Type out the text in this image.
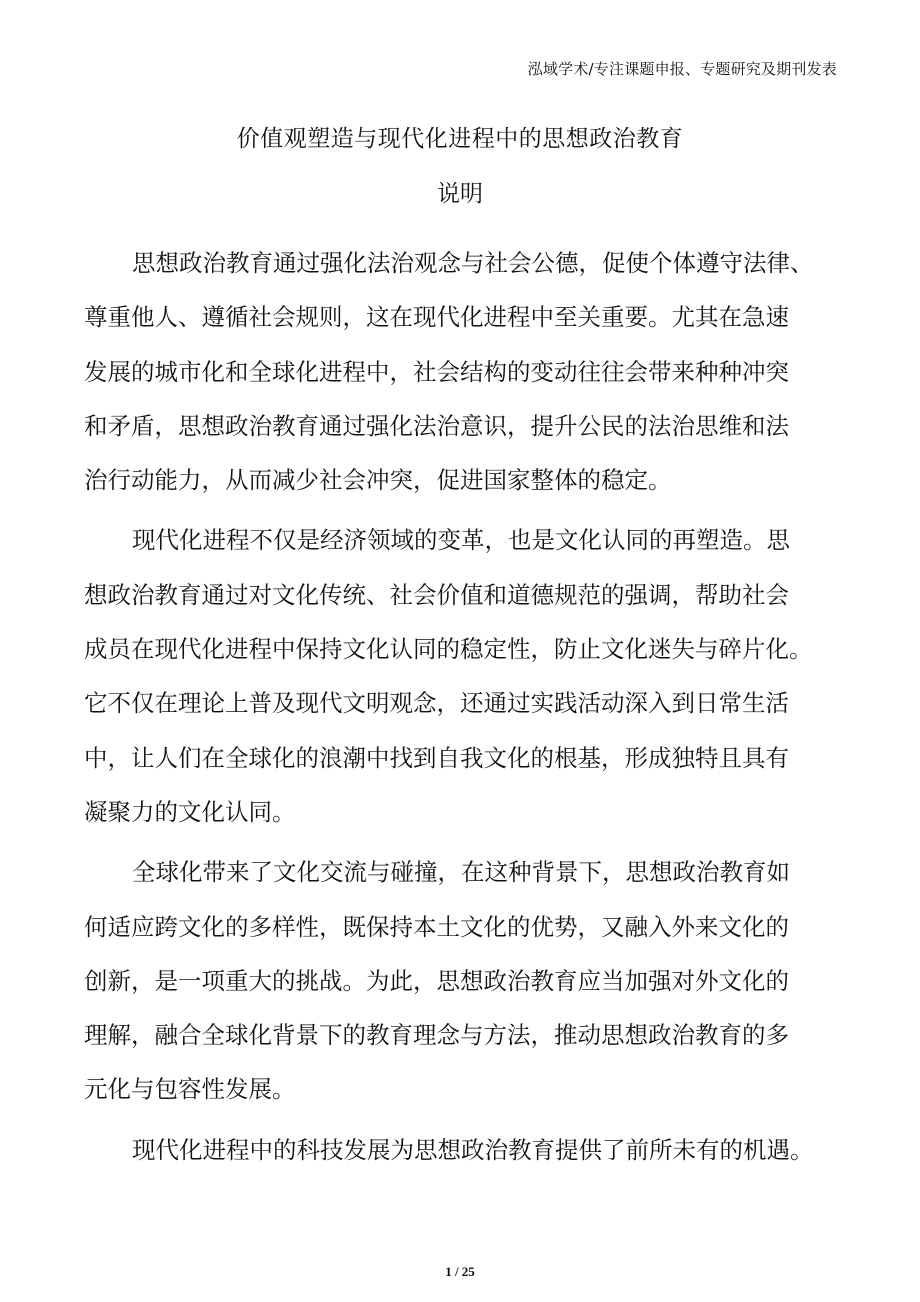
泓域学术/专注课题申报、专题研究及期刊发表
价值观塑造与现代化进程中的思想政治教育
说明

思想政治教育通过强化法治观念与社会公德，促使个体遵守法律、
尊重他人、遵循社会规则，这在现代化进程中至关重要。尤其在急速
发展的城市化和全球化进程中，社会结构的变动往往会带来种种冲突
和矛盾，思想政治教育通过强化法治意识，提升公民的法治思维和法
治行动能力，从而减少社会冲突，促进国家整体的稳定。

现代化进程不仅是经济领域的变革，也是文化认同的再塑造。思
想政治教育通过对文化传统、社会价值和道德规范的强调，帮助社会
成员在现代化进程中保持文化认同的稳定性，防止文化迷失与碎片化。
它不仅在理论上普及现代文明观念，还通过实践活动深入到日常生活
中，让人们在全球化的浪潮中找到自我文化的根基，形成独特且具有
凝聚力的文化认同。

全球化带来了文化交流与碰撞，在这种背景下，思想政治教育如
何适应跨文化的多样性，既保持本土文化的优势，又融入外来文化的
创新，是一项重大的挑战。为此，思想政治教育应当加强对外文化的
理解，融合全球化背景下的教育理念与方法，推动思想政治教育的多
元化与包容性发展。

现代化进程中的科技发展为思想政治教育提供了前所未有的机遇。

1 / 25
